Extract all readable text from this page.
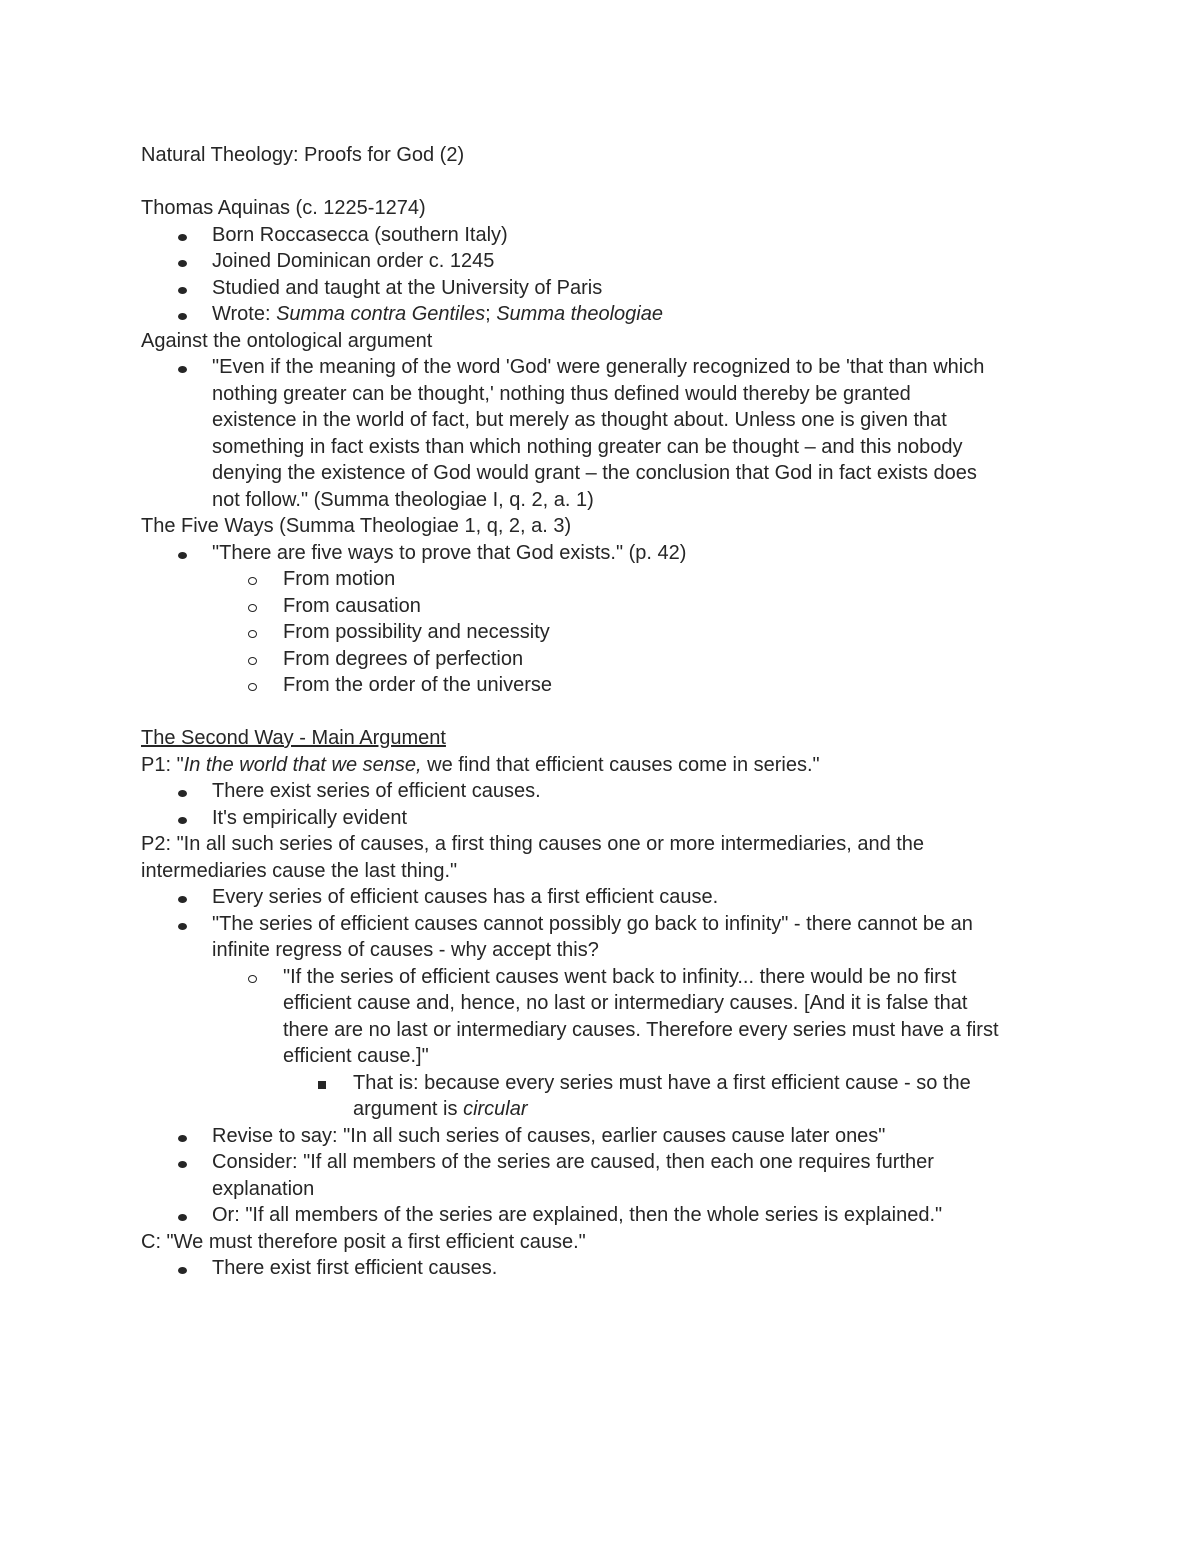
Natural Theology: Proofs for God (2)
Thomas Aquinas (c. 1225-1274)
Born Roccasecca (southern Italy)
Joined Dominican order c. 1245
Studied and taught at the University of Paris
Wrote: Summa contra Gentiles; Summa theologiae
Against the ontological argument
"Even if the meaning of the word 'God' were generally recognized to be 'that than which
nothing greater can be thought,' nothing thus defined would thereby be granted
existence in the world of fact, but merely as thought about. Unless one is given that
something in fact exists than which nothing greater can be thought – and this nobody
denying the existence of God would grant – the conclusion that God in fact exists does
not follow." (Summa theologiae I, q. 2, a. 1)
The Five Ways (Summa Theologiae 1, q, 2, a. 3)
"There are five ways to prove that God exists." (p. 42)
From motion
From causation
From possibility and necessity
From degrees of perfection
From the order of the universe
The Second Way - Main Argument
P1: "In the world that we sense, we find that efficient causes come in series."
There exist series of efficient causes.
It's empirically evident
P2: "In all such series of causes, a first thing causes one or more intermediaries, and the
intermediaries cause the last thing."
Every series of efficient causes has a first efficient cause.
"The series of efficient causes cannot possibly go back to infinity" - there cannot be an
infinite regress of causes - why accept this?
"If the series of efficient causes went back to infinity... there would be no first
efficient cause and, hence, no last or intermediary causes. [And it is false that
there are no last or intermediary causes. Therefore every series must have a first
efficient cause.]"
That is: because every series must have a first efficient cause - so the
argument is circular
Revise to say: "In all such series of causes, earlier causes cause later ones"
Consider: "If all members of the series are caused, then each one requires further
explanation
Or: "If all members of the series are explained, then the whole series is explained."
C: "We must therefore posit a first efficient cause."
There exist first efficient causes.
